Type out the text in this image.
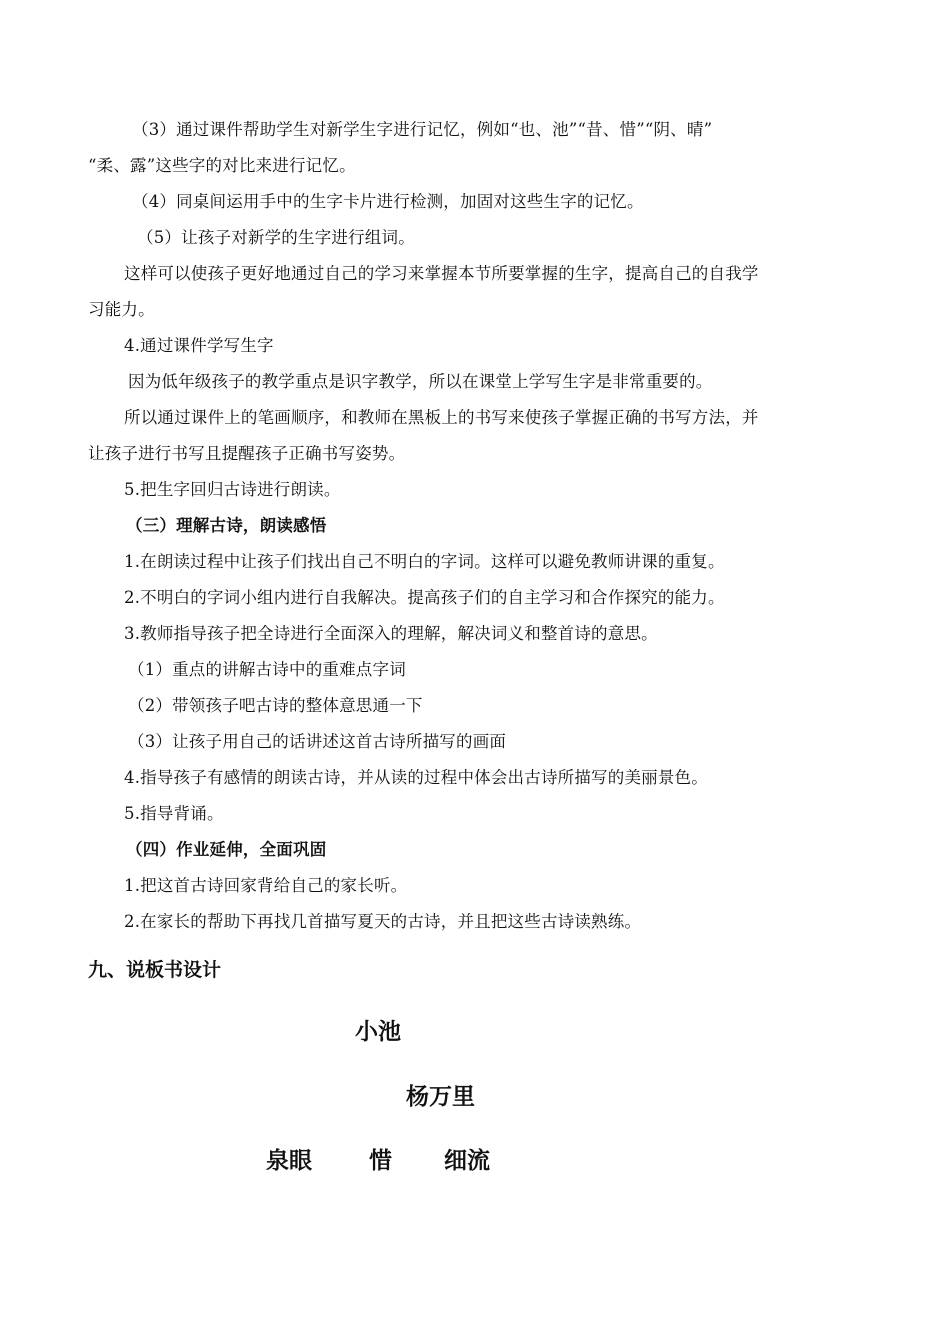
（3）通过课件帮助学生对新学生字进行记忆，例如“也、池”“昔、惜”“阴、晴”
“柔、露”这些字的对比来进行记忆。
（4）同桌间运用手中的生字卡片进行检测，加固对这些生字的记忆。
（5）让孩子对新学的生字进行组词。
这样可以使孩子更好地通过自己的学习来掌握本节所要掌握的生字，提高自己的自我学
习能力。
4.通过课件学写生字
因为低年级孩子的教学重点是识字教学，所以在课堂上学写生字是非常重要的。
所以通过课件上的笔画顺序，和教师在黑板上的书写来使孩子掌握正确的书写方法，并
让孩子进行书写且提醒孩子正确书写姿势。
5.把生字回归古诗进行朗读。
（三）理解古诗，朗读感悟
1.在朗读过程中让孩子们找出自己不明白的字词。这样可以避免教师讲课的重复。
2.不明白的字词小组内进行自我解决。提高孩子们的自主学习和合作探究的能力。
3.教师指导孩子把全诗进行全面深入的理解，解决词义和整首诗的意思。
（1）重点的讲解古诗中的重难点字词
（2）带领孩子吧古诗的整体意思通一下
（3）让孩子用自己的话讲述这首古诗所描写的画面
4.指导孩子有感情的朗读古诗，并从读的过程中体会出古诗所描写的美丽景色。
5.指导背诵。
（四）作业延伸，全面巩固
1.把这首古诗回家背给自己的家长听。
2.在家长的帮助下再找几首描写夏天的古诗，并且把这些古诗读熟练。
九、说板书设计
小池
杨万里
泉眼 惜 细流
